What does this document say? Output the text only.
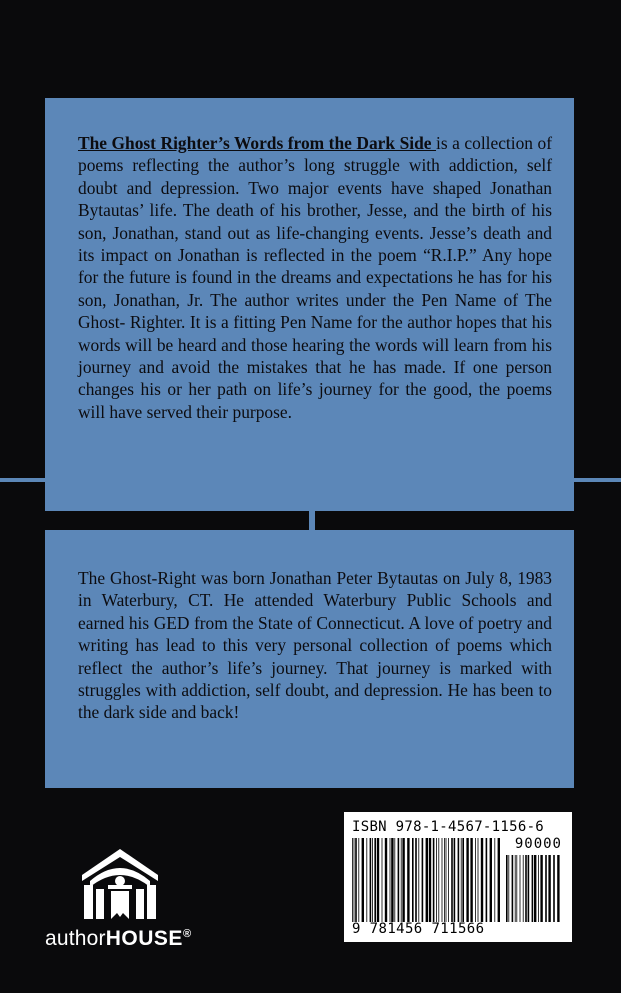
The Ghost Righter’s Words from the Dark Side is a collection of poems reflecting the author’s long struggle with addiction, self doubt and depression. Two major events have shaped Jonathan Bytautas’ life. The death of his brother, Jesse, and the birth of his son, Jonathan, stand out as life-changing events. Jesse’s death and its impact on Jonathan is reflected in the poem “R.I.P.” Any hope for the future is found in the dreams and expectations he has for his son, Jonathan, Jr. The author writes under the Pen Name of The Ghost- Righter. It is a fitting Pen Name for the author hopes that his words will be heard and those hearing the words will learn from his journey and avoid the mistakes that he has made. If one person changes his or her path on life’s journey for the good, the poems will have served their purpose.
The Ghost-Right was born Jonathan Peter Bytautas on July 8, 1983 in Waterbury, CT. He attended Waterbury Public Schools and earned his GED from the State of Connecticut. A love of poetry and writing has lead to this very personal collection of poems which reflect the author’s life’s journey. That journey is marked with struggles with addiction, self doubt, and depression. He has been to the dark side and back!
authorHOUSE®
ISBN 978-1-4567-1156-6
90000
9 781456 711566
